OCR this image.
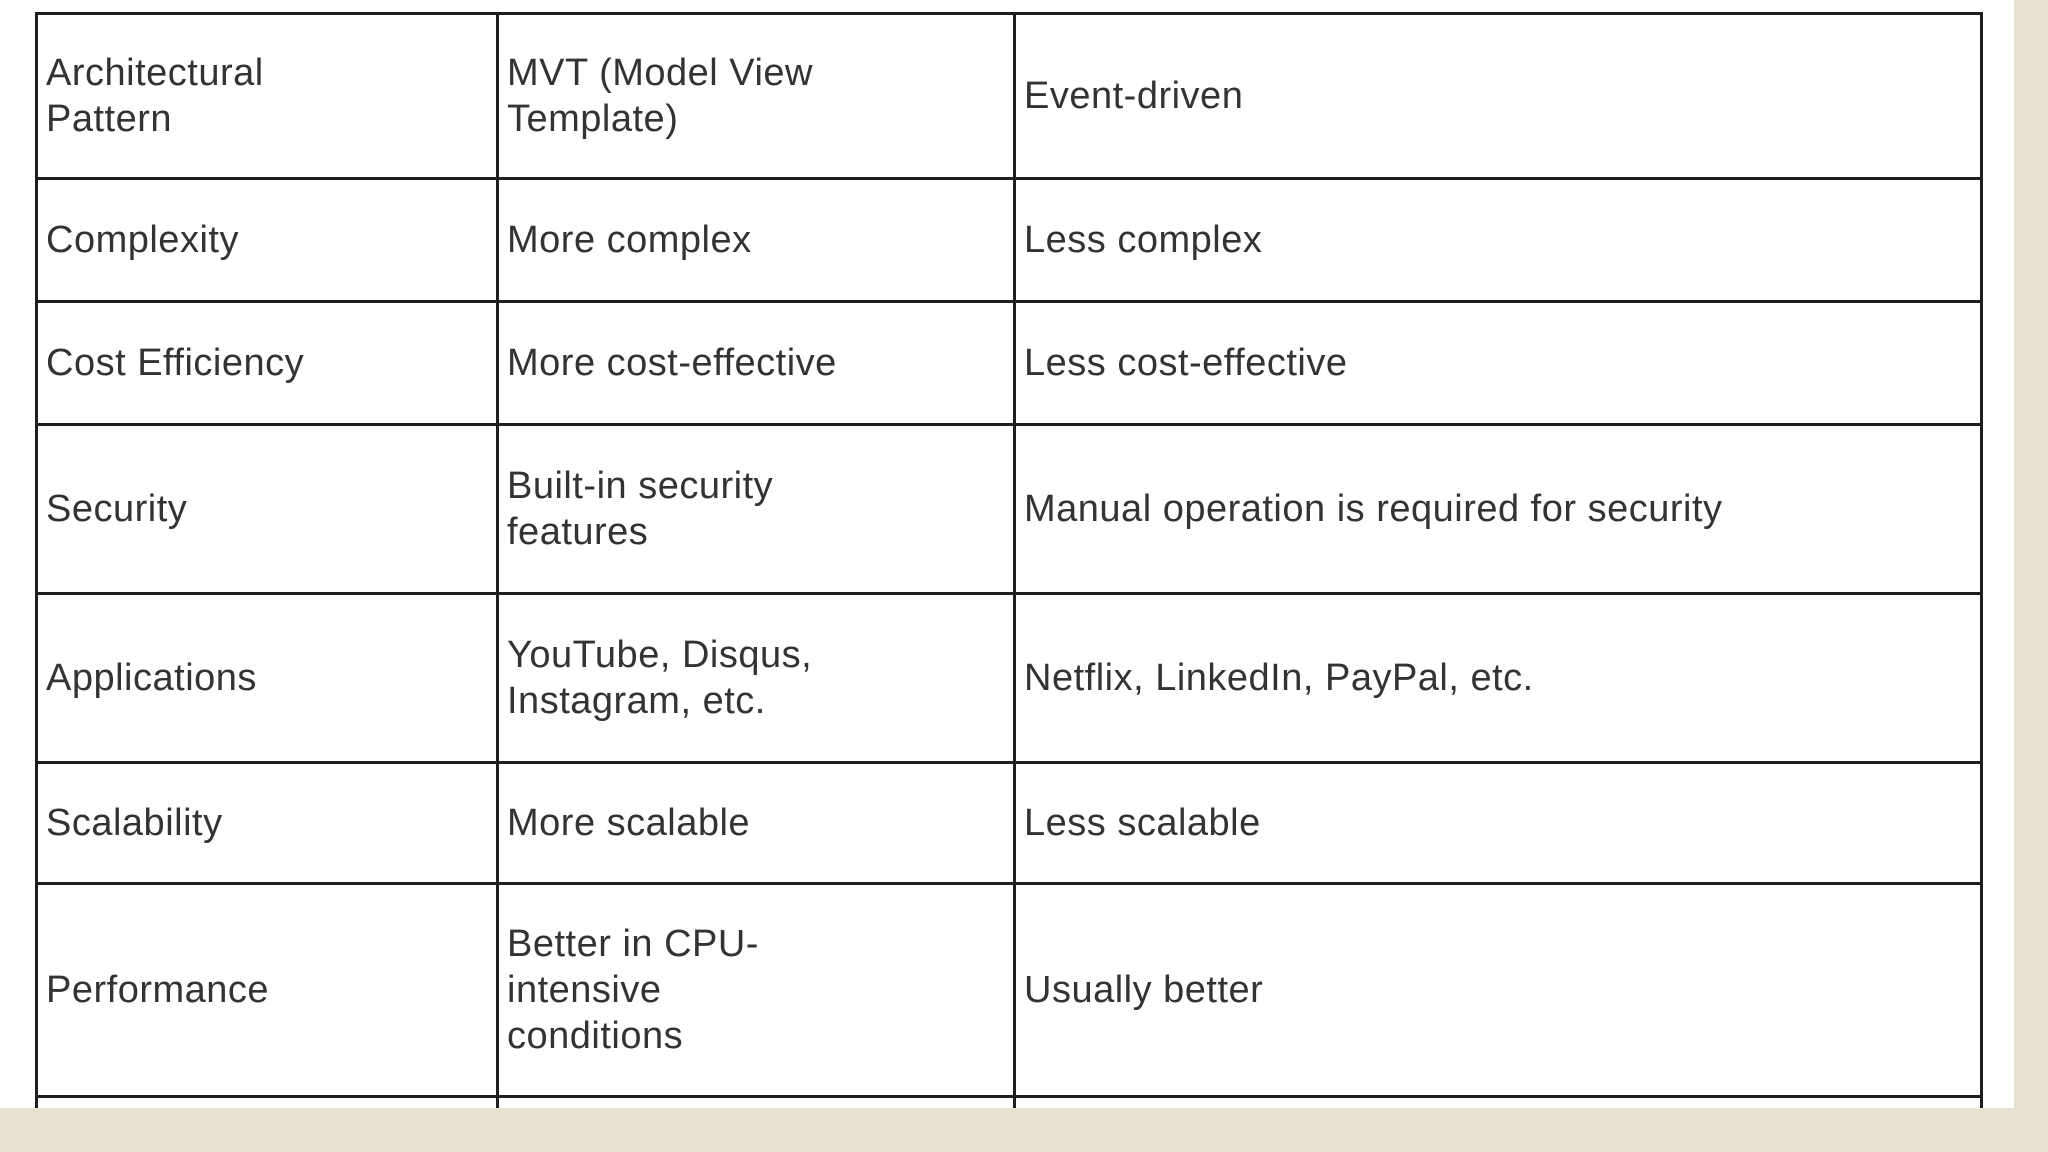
Architectural Pattern	MVT (Model View Template)	Event-driven

Complexity	More complex	Less complex

Cost Efficiency	More cost-effective	Less cost-effective

Security	Built-in security features	Manual operation is required for security

Applications	YouTube, Disqus, Instagram, etc.	Netflix, LinkedIn, PayPal, etc.

Scalability	More scalable	Less scalable

Performance	Better in CPU-intensive conditions	Usually better
